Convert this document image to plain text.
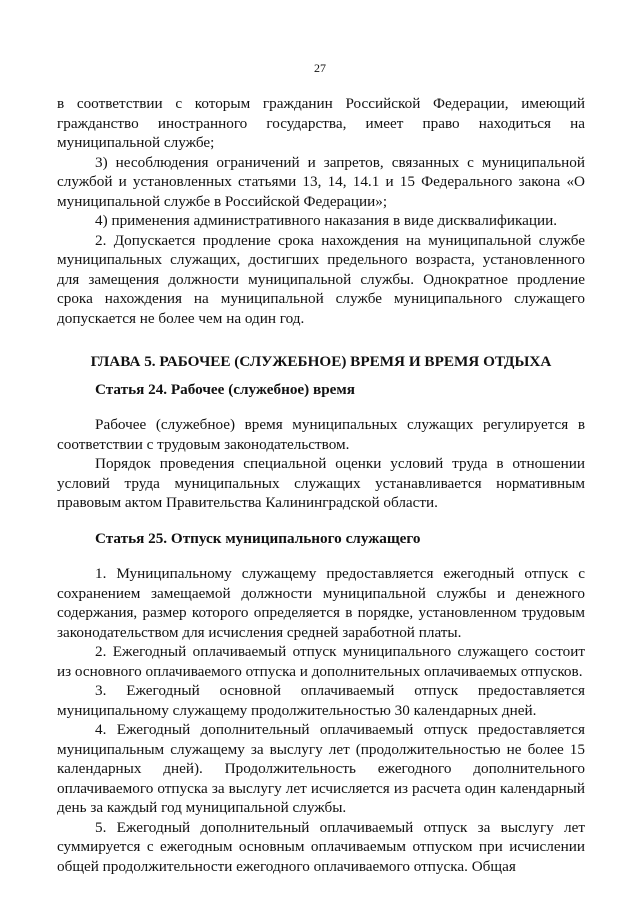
27

в соответствии с которым гражданин Российской Федерации, имеющий гражданство иностранного государства, имеет право находиться на муниципальной службе;

3) несоблюдения ограничений и запретов, связанных с муниципальной службой и установленных статьями 13, 14, 14.1 и 15 Федерального закона «О муниципальной службе в Российской Федерации»;

4) применения административного наказания в виде дисквалификации.

2. Допускается продление срока нахождения на муниципальной службе муниципальных служащих, достигших предельного возраста, установленного для замещения должности муниципальной службы. Однократное продление срока нахождения на муниципальной службе муниципального служащего допускается не более чем на один год.

ГЛАВА 5. РАБОЧЕЕ (СЛУЖЕБНОЕ) ВРЕМЯ И ВРЕМЯ ОТДЫХА

Статья 24. Рабочее (служебное) время

Рабочее (служебное) время муниципальных служащих регулируется в соответствии с трудовым законодательством.

Порядок проведения специальной оценки условий труда в отношении условий труда муниципальных служащих устанавливается нормативным правовым актом Правительства Калининградской области.

Статья 25. Отпуск муниципального служащего

1. Муниципальному служащему предоставляется ежегодный отпуск с сохранением замещаемой должности муниципальной службы и денежного содержания, размер которого определяется в порядке, установленном трудовым законодательством для исчисления средней заработной платы.

2. Ежегодный оплачиваемый отпуск муниципального служащего состоит из основного оплачиваемого отпуска и дополнительных оплачиваемых отпусков.

3. Ежегодный основной оплачиваемый отпуск предоставляется муниципальному служащему продолжительностью 30 календарных дней.

4. Ежегодный дополнительный оплачиваемый отпуск предоставляется муниципальным служащему за выслугу лет (продолжительностью не более 15 календарных дней). Продолжительность ежегодного дополнительного оплачиваемого отпуска за выслугу лет исчисляется из расчета один календарный день за каждый год муниципальной службы.

5. Ежегодный дополнительный оплачиваемый отпуск за выслугу лет суммируется с ежегодным основным оплачиваемым отпуском при исчислении общей продолжительности ежегодного оплачиваемого отпуска. Общая
